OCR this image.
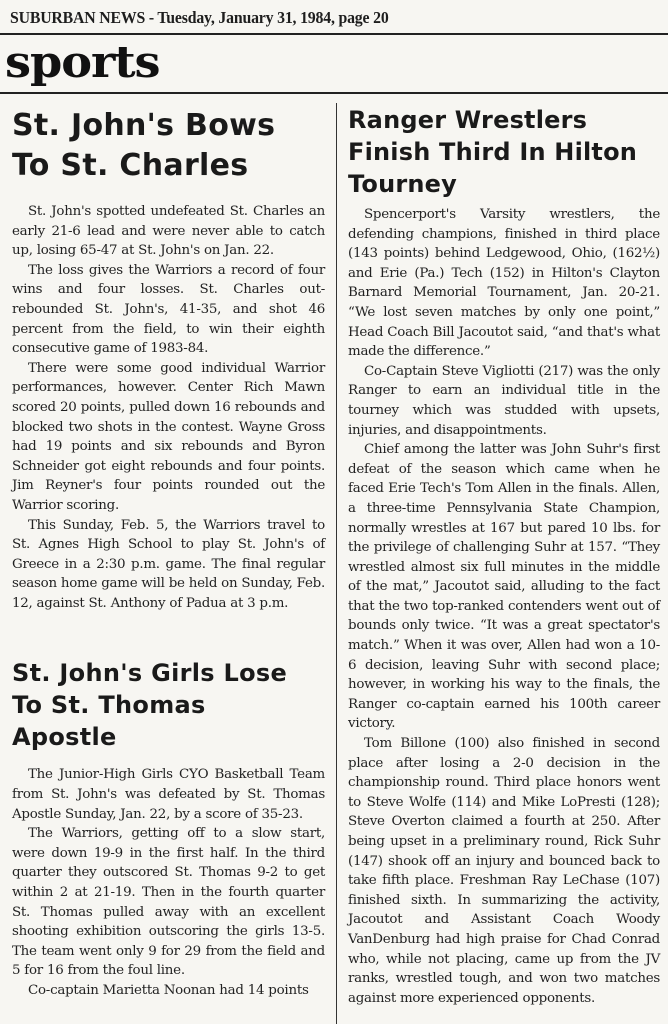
SUBURBAN NEWS - Tuesday, January 31, 1984, page 20
sports
St. John's Bows
To St. Charles

St. John's spotted undefeated St. Charles an early 21-6 lead and were never able to catch up, losing 65-47 at St. John's on Jan. 22.

The loss gives the Warriors a record of four wins and four losses. St. Charles out-rebounded St. John's, 41-35, and shot 46 percent from the field, to win their eighth consecutive game of 1983-84.

There were some good individual Warrior performances, however. Center Rich Mawn scored 20 points, pulled down 16 rebounds and blocked two shots in the contest. Wayne Gross had 19 points and six rebounds and Byron Schneider got eight rebounds and four points. Jim Reyner's four points rounded out the Warrior scoring.

This Sunday, Feb. 5, the Warriors travel to St. Agnes High School to play St. John's of Greece in a 2:30 p.m. game. The final regular season home game will be held on Sunday, Feb. 12, against St. Anthony of Padua at 3 p.m.

St. John's Girls Lose
To St. Thomas
Apostle

The Junior-High Girls CYO Basketball Team from St. John's was defeated by St. Thomas Apostle Sunday, Jan. 22, by a score of 35-23.

The Warriors, getting off to a slow start, were down 19-9 in the first half. In the third quarter they outscored St. Thomas 9-2 to get within 2 at 21-19. Then in the fourth quarter St. Thomas pulled away with an excellent shooting exhibition outscoring the girls 13-5. The team went only 9 for 29 from the field and 5 for 16 from the foul line.

Co-captain Marietta Noonan had 14 points

Ranger Wrestlers
Finish Third In Hilton
Tourney

Spencerport's Varsity wrestlers, the defending champions, finished in third place (143 points) behind Ledgewood, Ohio, (162½) and Erie (Pa.) Tech (152) in Hilton's Clayton Barnard Memorial Tournament, Jan. 20-21. “We lost seven matches by only one point,” Head Coach Bill Jacoutot said, “and that's what made the difference.”

Co-Captain Steve Vigliotti (217) was the only Ranger to earn an individual title in the tourney which was studded with upsets, injuries, and disappointments.

Chief among the latter was John Suhr's first defeat of the season which came when he faced Erie Tech's Tom Allen in the finals. Allen, a three-time Pennsylvania State Champion, normally wrestles at 167 but pared 10 lbs. for the privilege of challenging Suhr at 157. “They wrestled almost six full minutes in the middle of the mat,” Jacoutot said, alluding to the fact that the two top-ranked contenders went out of bounds only twice. “It was a great spectator's match.” When it was over, Allen had won a 10-6 decision, leaving Suhr with second place; however, in working his way to the finals, the Ranger co-captain earned his 100th career victory.

Tom Billone (100) also finished in second place after losing a 2-0 decision in the championship round. Third place honors went to Steve Wolfe (114) and Mike LoPresti (128); Steve Overton claimed a fourth at 250. After being upset in a preliminary round, Rick Suhr (147) shook off an injury and bounced back to take fifth place. Freshman Ray LeChase (107) finished sixth. In summarizing the activity, Jacoutot and Assistant Coach Woody VanDenburg had high praise for Chad Conrad who, while not placing, came up from the JV ranks, wrestled tough, and won two matches against more experienced opponents.
